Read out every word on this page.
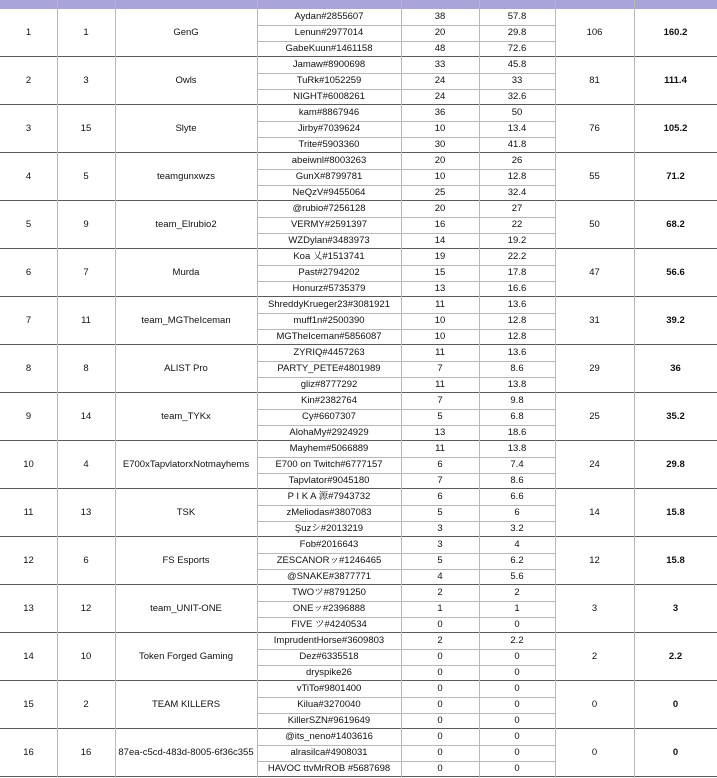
1	1	GenG
Aydan#2855607	38	57.8
Lenun#2977014	20	29.8
GabeKuun#1461158	48	72.6
106	160.2
2	3	Owls
Jamaw#8900698	33	45.8
TuRk#1052259	24	33
NIGHT#6008261	24	32.6
81	111.4
3	15	Slyte
kam#8867946	36	50
Jirby#7039624	10	13.4
Trite#5903360	30	41.8
76	105.2
4	5	teamgunxwzs
abeiwnl#8003263	20	26
GunX#8799781	10	12.8
NeQzV#9455064	25	32.4
55	71.2
5	9	team_Elrubio2
@rubio#7256128	20	27
VERMY#2591397	16	22
WZDylan#3483973	14	19.2
50	68.2
6	7	Murda
Koa 乂#1513741	19	22.2
Past#2794202	15	17.8
Honurz#5735379	13	16.6
47	56.6
7	11	team_MGTheIceman
ShreddyKrueger23#3081921	11	13.6
muff1n#2500390	10	12.8
MGTheIceman#5856087	10	12.8
31	39.2
8	8	ALIST Pro
ZYRIQ#4457263	11	13.6
PARTY_PETE#4801989	7	8.6
gliz#8777292	11	13.8
29	36
9	14	team_TYKx
Kin#2382764	7	9.8
Cy#6607307	5	6.8
AlohaMy#2924929	13	18.6
25	35.2
10	4	E700xTapvlatorxNotmayhems
Mayhem#5066889	11	13.8
E700 on Twitch#6777157	6	7.4
Tapvlator#9045180	7	8.6
24	29.8
11	13	TSK
P I K A 源#7943732	6	6.6
zMeliodas#3807083	5	6
Şuzシ#2013219	3	3.2
14	15.8
12	6	FS Esports
Fob#2016643	3	4
ZESCANORッ#1246465	5	6.2
@SNAKE#3877771	4	5.6
12	15.8
13	12	team_UNIT-ONE
TWOツ#8791250	2	2
ONEッ#2396888	1	1
FIVE ツ#4240534	0	0
3	3
14	10	Token Forged Gaming
ImprudentHorse#3609803	2	2.2
Dez#6335518	0	0
dryspike26	0	0
2	2.2
15	2	TEAM KILLERS
vTiTo#9801400	0	0
Kilua#3270040	0	0
KillerSZN#9619649	0	0
0	0
16	16	87ea-c5cd-483d-8005-6f36c355
@its_neno#1403616	0	0
alrasilca#4908031	0	0
HAVOC ttvMrROB #5687698	0	0
0	0
